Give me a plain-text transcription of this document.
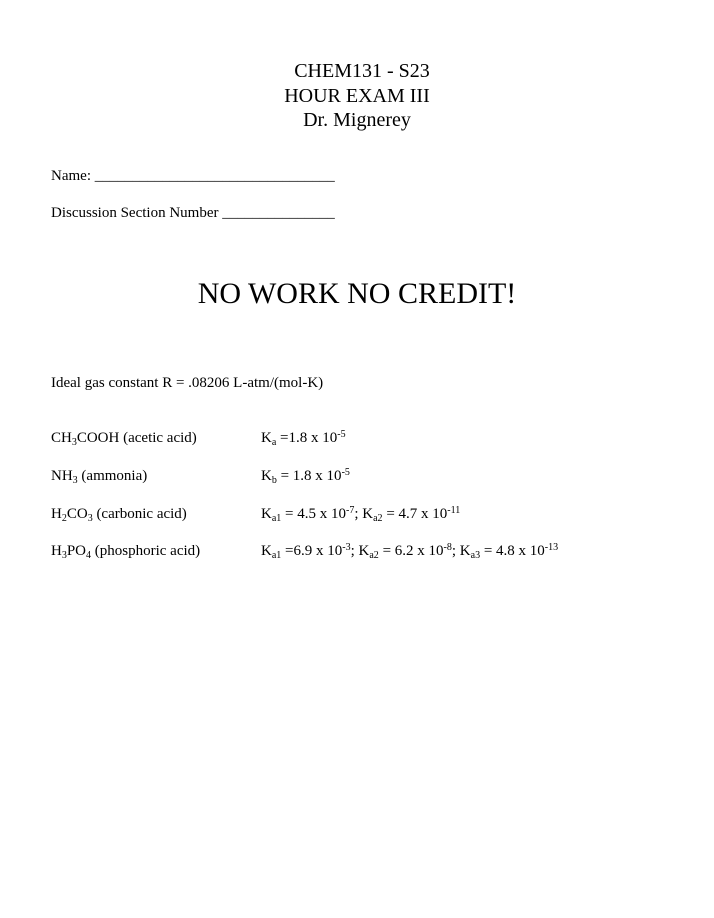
CHEM131 - S23
HOUR EXAM III
Dr. Mignerey
Name: ________________________________
Discussion Section Number _______________
NO WORK NO CREDIT!
Ideal gas constant R = .08206 L-atm/(mol-K)
$CH_3COOH$ (acetic acid)	$K_a =1.8$ x $10^{-5}$
$NH_3$ (ammonia)	$K_b = 1.8$ x $10^{-5}$
$H_2CO_3$ (carbonic acid)	$K_{a1} = 4.5$ x $10^{-7}$; $K_{a2} = 4.7$ x $10^{-11}$
$H_3PO_4$ (phosphoric acid)	$K_{a1} =6.9$ x $10^{-3}$; $K_{a2} = 6.2$ x $10^{-8}$; $K_{a3} = 4.8$ x $10^{-13}$
